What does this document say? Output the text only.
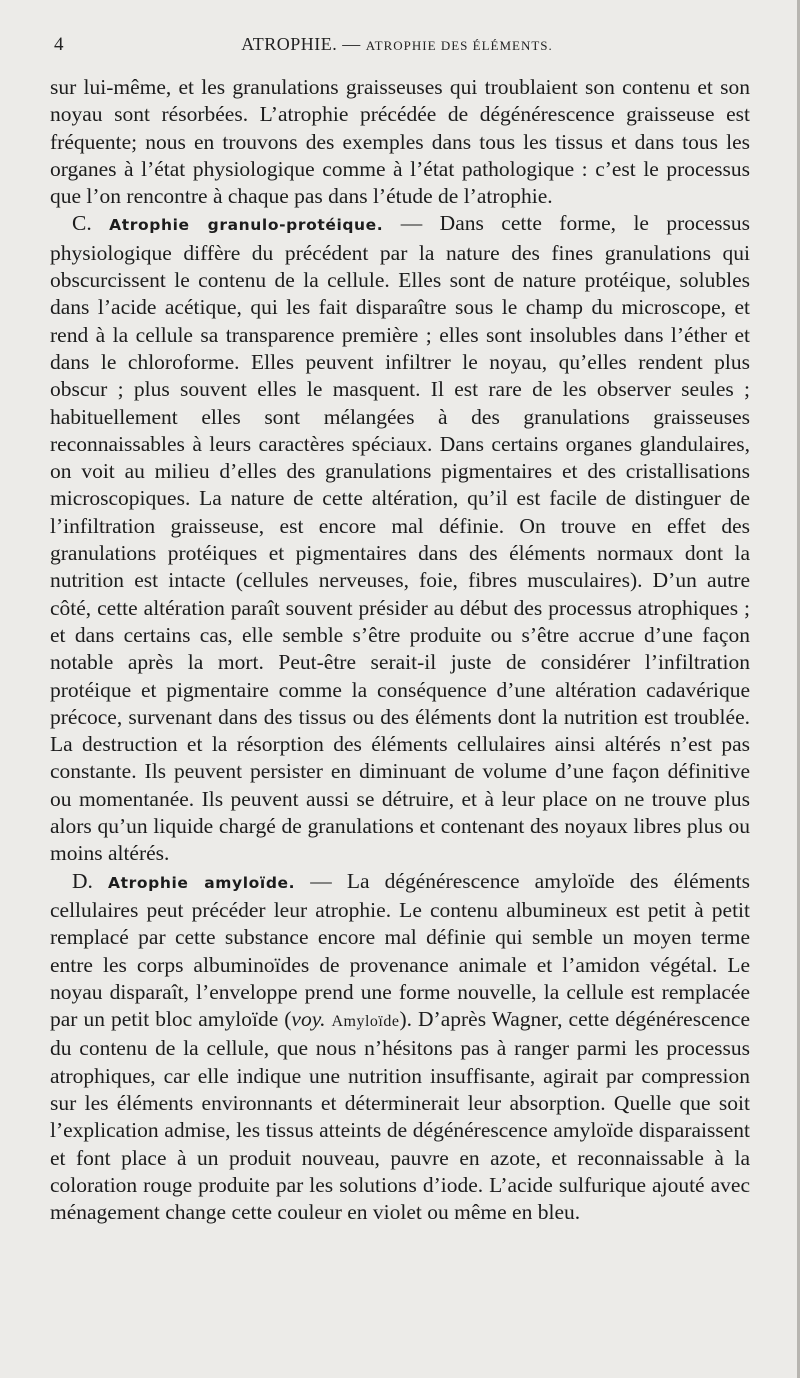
4	ATROPHIE. — ATROPHIE DES ÉLÉMENTS.

sur lui-même, et les granulations graisseuses qui troublaient son contenu et son noyau sont résorbées. L’atrophie précédée de dégénérescence graisseuse est fréquente; nous en trouvons des exemples dans tous les tissus et dans tous les organes à l’état physiologique comme à l’état pathologique : c’est le processus que l’on rencontre à chaque pas dans l’étude de l’atrophie.

C. Atrophie granulo-protéique. — Dans cette forme, le processus physiologique diffère du précédent par la nature des fines granulations qui obscurcissent le contenu de la cellule. Elles sont de nature protéique, solubles dans l’acide acétique, qui les fait disparaître sous le champ du microscope, et rend à la cellule sa transparence première ; elles sont insolubles dans l’éther et dans le chloroforme. Elles peuvent infiltrer le noyau, qu’elles rendent plus obscur ; plus souvent elles le masquent. Il est rare de les observer seules ; habituellement elles sont mélangées à des granulations graisseuses reconnaissables à leurs caractères spéciaux. Dans certains organes glandulaires, on voit au milieu d’elles des granulations pigmentaires et des cristallisations microscopiques. La nature de cette altération, qu’il est facile de distinguer de l’infiltration graisseuse, est encore mal définie. On trouve en effet des granulations protéiques et pigmentaires dans des éléments normaux dont la nutrition est intacte (cellules nerveuses, foie, fibres musculaires). D’un autre côté, cette altération paraît souvent présider au début des processus atrophiques ; et dans certains cas, elle semble s’être produite ou s’être accrue d’une façon notable après la mort. Peut-être serait-il juste de considérer l’infiltration protéique et pigmentaire comme la conséquence d’une altération cadavérique précoce, survenant dans des tissus ou des éléments dont la nutrition est troublée. La destruction et la résorption des éléments cellulaires ainsi altérés n’est pas constante. Ils peuvent persister en diminuant de volume d’une façon définitive ou momentanée. Ils peuvent aussi se détruire, et à leur place on ne trouve plus alors qu’un liquide chargé de granulations et contenant des noyaux libres plus ou moins altérés.

D. Atrophie amyloïde. — La dégénérescence amyloïde des éléments cellulaires peut précéder leur atrophie. Le contenu albumineux est petit à petit remplacé par cette substance encore mal définie qui semble un moyen terme entre les corps albuminoïdes de provenance animale et l’amidon végétal. Le noyau disparaît, l’enveloppe prend une forme nouvelle, la cellule est remplacée par un petit bloc amyloïde (voy. Amyloïde). D’après Wagner, cette dégénérescence du contenu de la cellule, que nous n’hésitons pas à ranger parmi les processus atrophiques, car elle indique une nutrition insuffisante, agirait par compression sur les éléments environnants et déterminerait leur absorption. Quelle que soit l’explication admise, les tissus atteints de dégénérescence amyloïde disparaissent et font place à un produit nouveau, pauvre en azote, et reconnaissable à la coloration rouge produite par les solutions d’iode. L’acide sulfurique ajouté avec ménagement change cette couleur en violet ou même en bleu.
